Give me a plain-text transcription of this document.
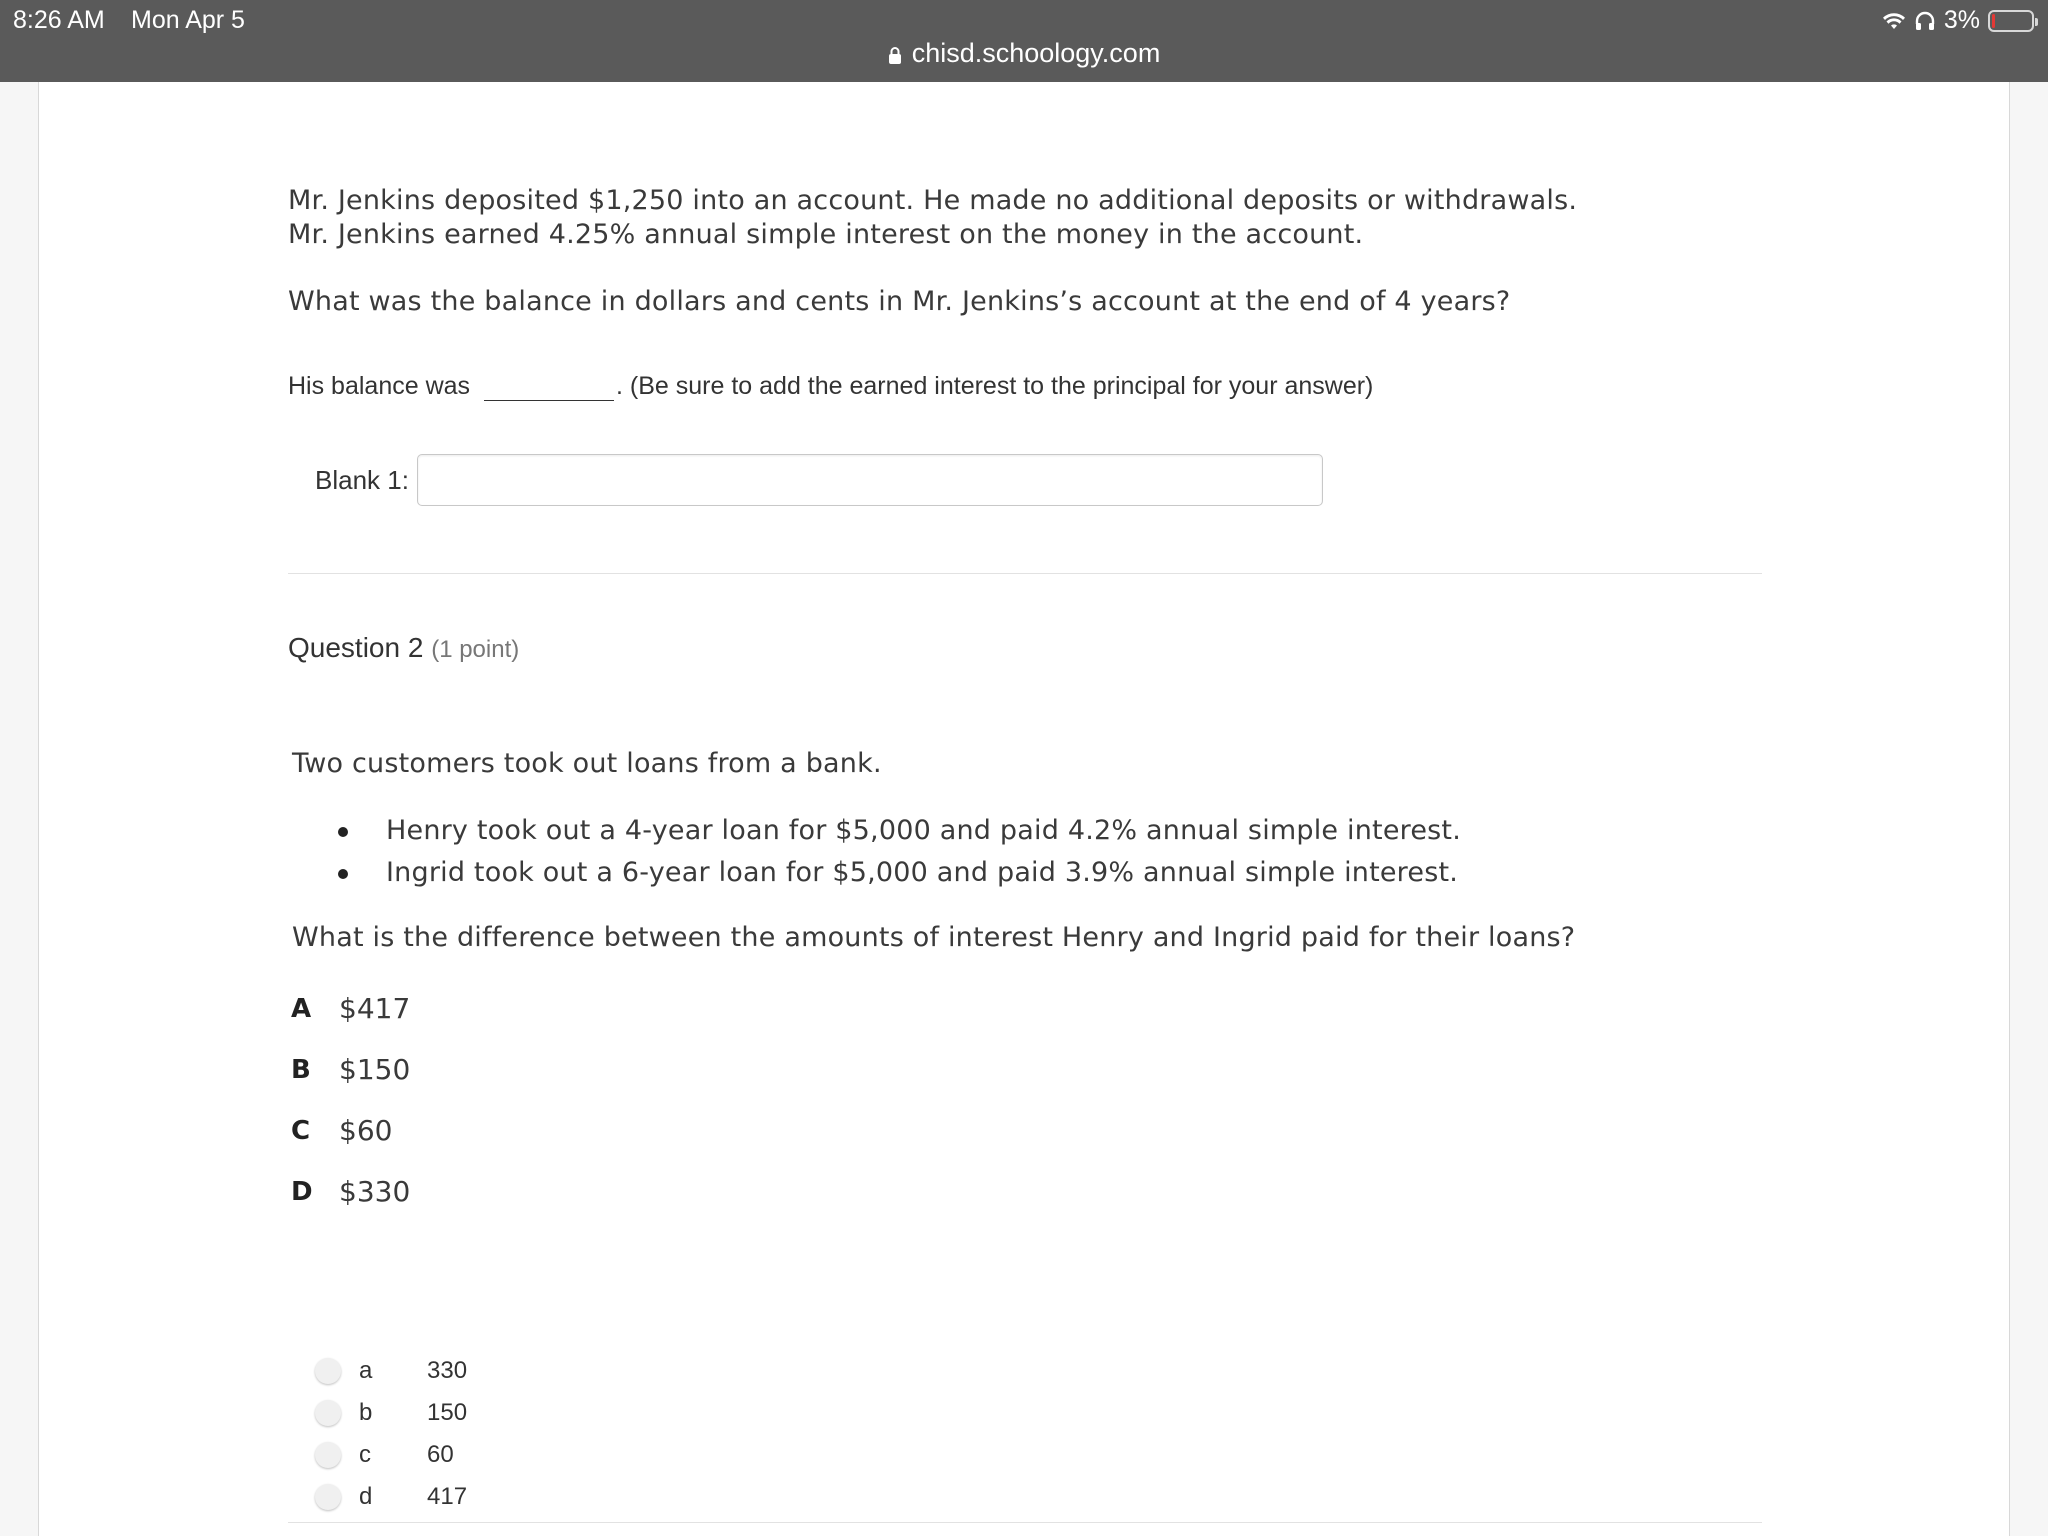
8:26 AM Mon Apr 5	3%
chisd.schoology.com
Mr. Jenkins deposited $1,250 into an account. He made no additional deposits or withdrawals.
Mr. Jenkins earned 4.25% annual simple interest on the money in the account.
What was the balance in dollars and cents in Mr. Jenkins’s account at the end of 4 years?
His balance was	. (Be sure to add the earned interest to the principal for your answer)
Blank 1:
Question 2 (1 point)
Two customers took out loans from a bank.
Henry took out a 4-year loan for $5,000 and paid 4.2% annual simple interest.
Ingrid took out a 6-year loan for $5,000 and paid 3.9% annual simple interest.
What is the difference between the amounts of interest Henry and Ingrid paid for their loans?
A $417
B	$150
C	$60
D $330
a	330
b	150
c	60
d	417
